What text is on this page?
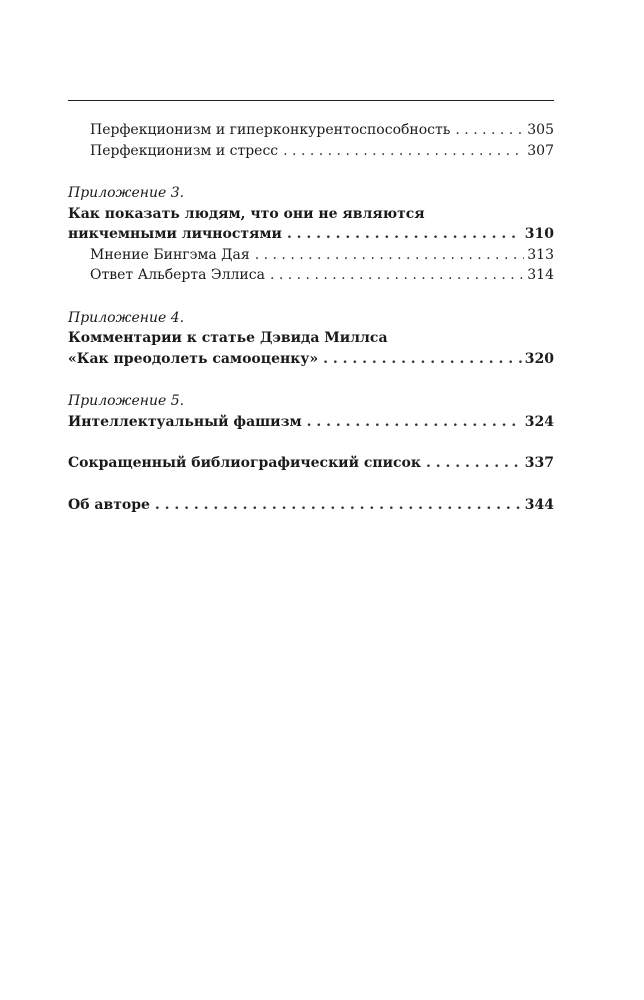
Перфекционизм и гиперконкурентоспособность . . .	305
Перфекционизм и стресс . . .	307
Приложение 3.
Как показать людям, что они не являются
никчемными личностями . . .	310
Мнение Бингэма Дая . . .	313
Ответ Альберта Эллиса . . .	314
Приложение 4.
Комментарии к статье Дэвида Миллса
«Как преодолеть самооценку» . . .	320
Приложение 5.
Интеллектуальный фашизм . . .	324
Сокращенный библиографический список . . .	337
Об авторе . . .	344
